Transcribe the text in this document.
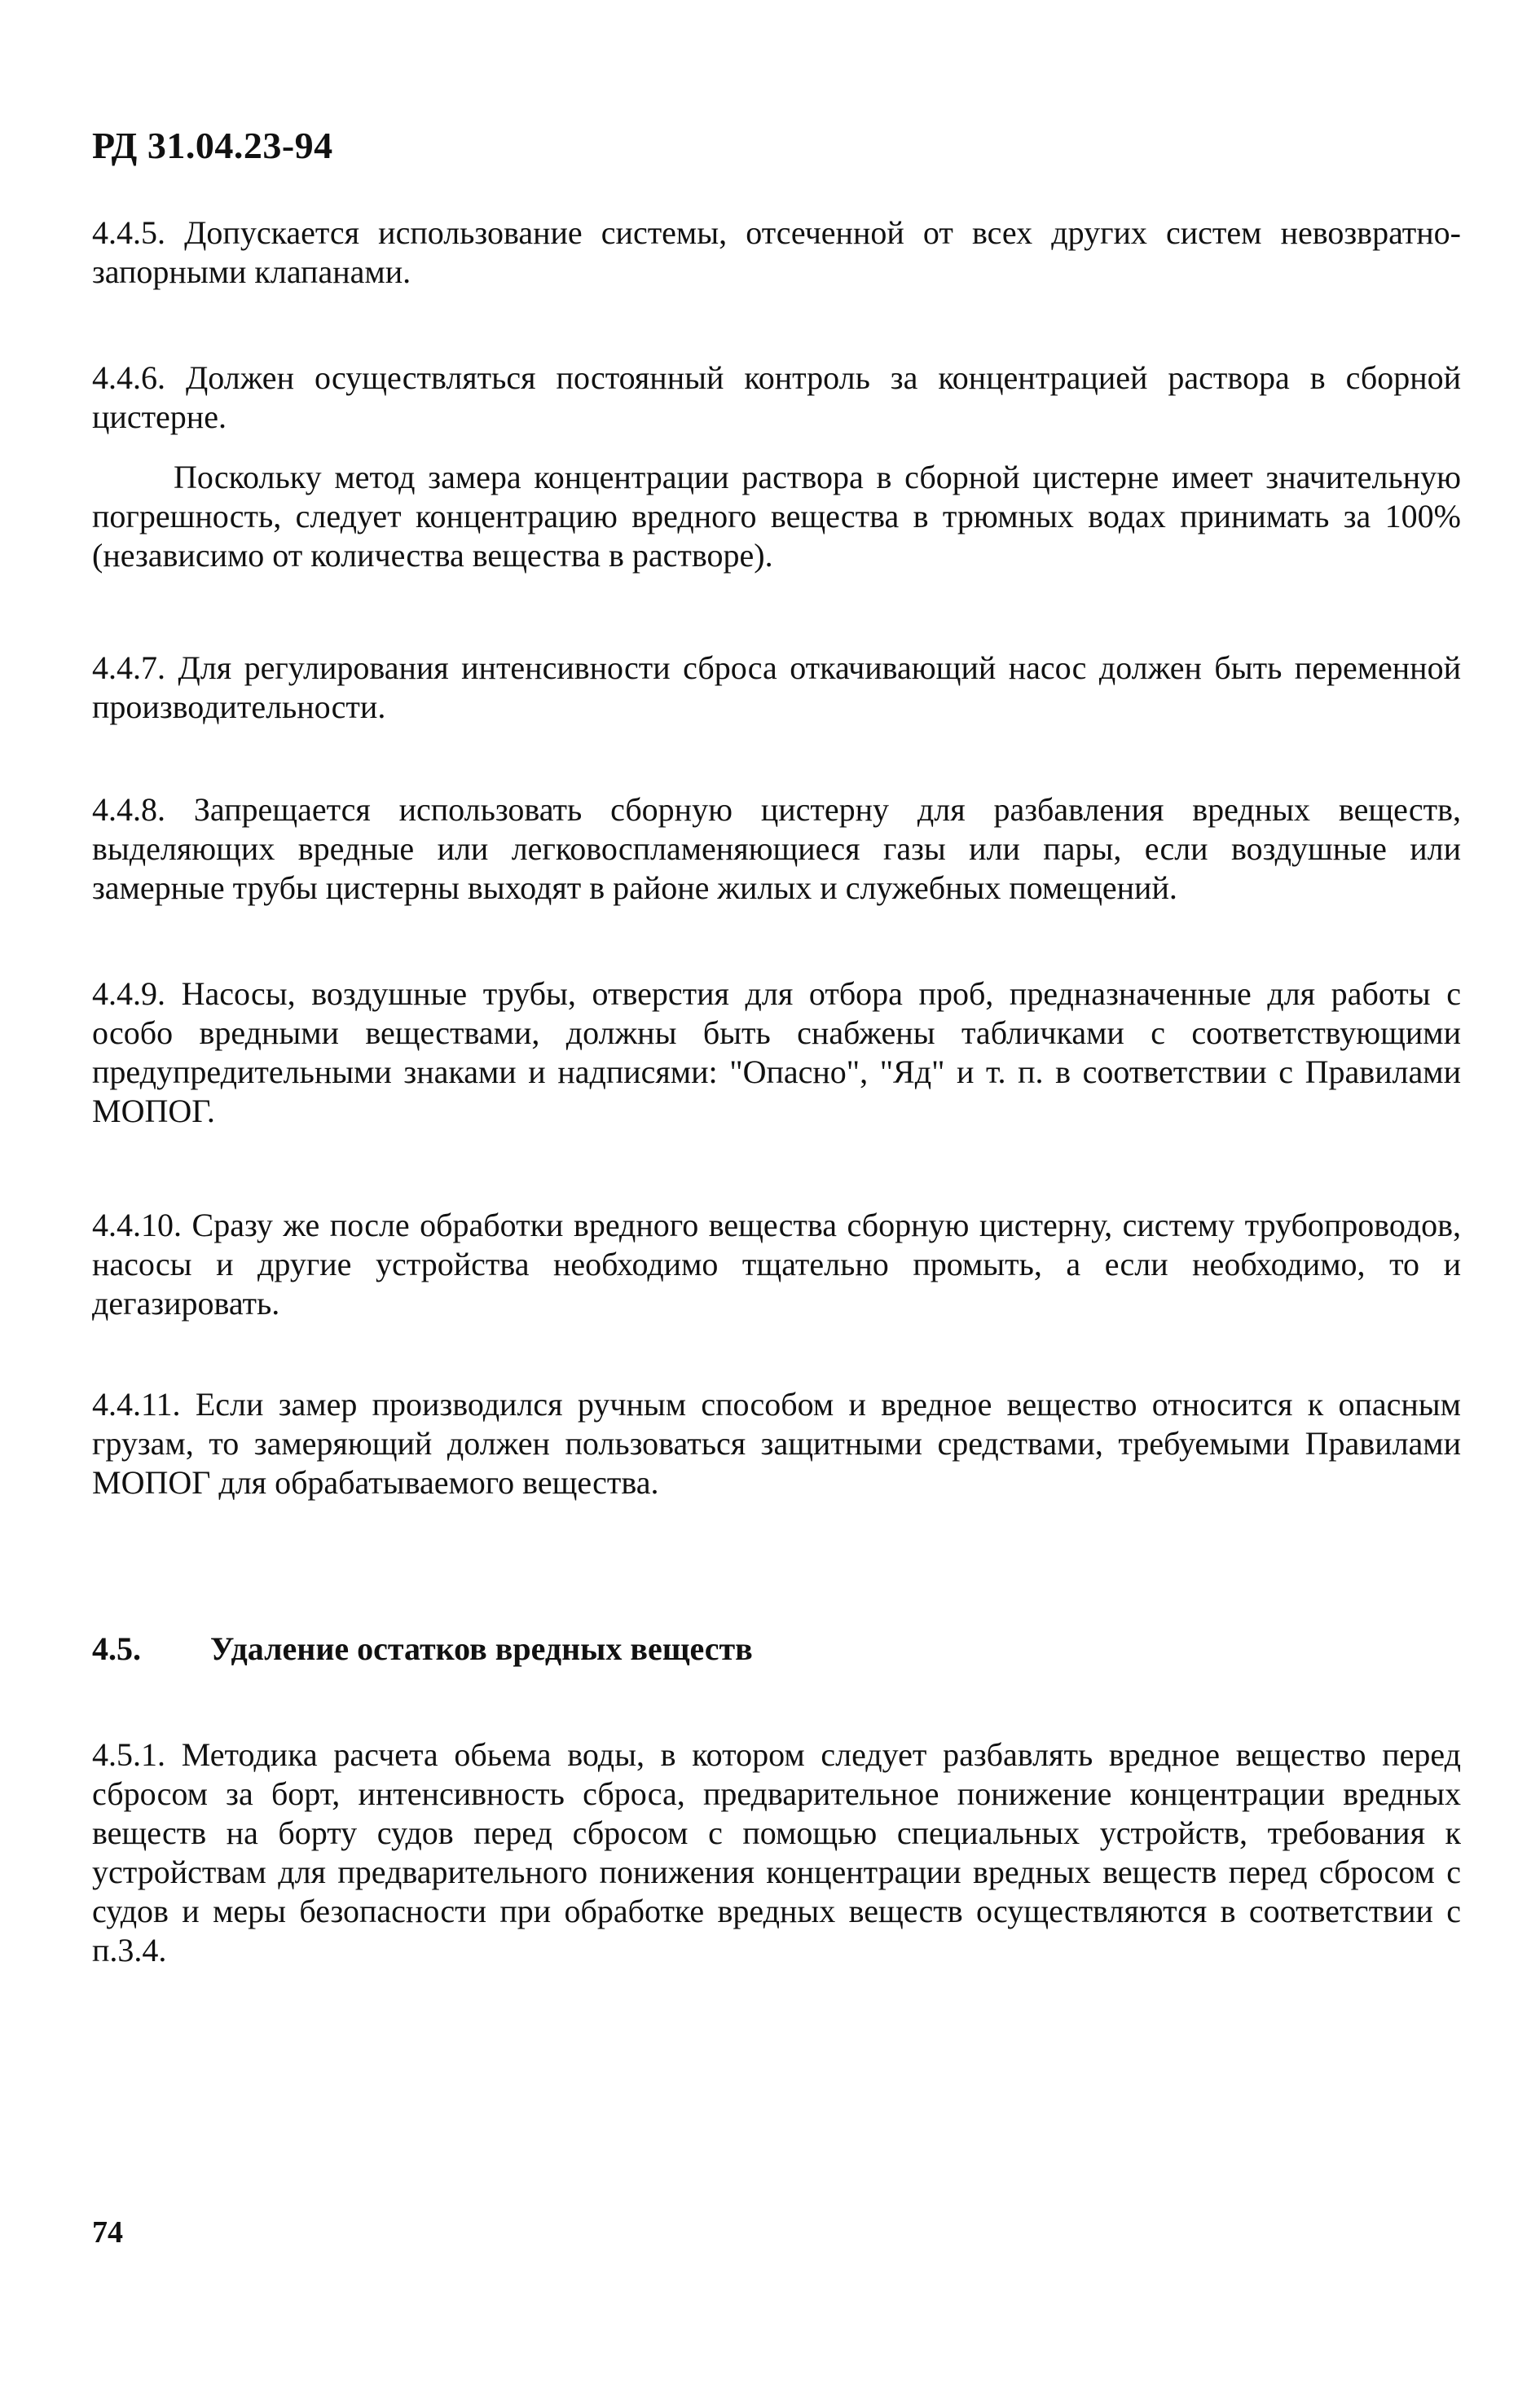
РД 31.04.23-94

4.4.5. Допускается использование системы, отсеченной от всех других систем невозвратно-запорными клапанами.

4.4.6. Должен осуществляться постоянный контроль за концентрацией раствора в сборной цистерне.

Поскольку метод замера концентрации раствора в сборной цистерне имеет значительную погрешность, следует концентрацию вредного вещества в трюмных водах принимать за 100% (независимо от количества вещества в растворе).

4.4.7. Для регулирования интенсивности сброса откачивающий насос должен быть переменной производительности.

4.4.8. Запрещается использовать сборную цистерну для разбавления вредных веществ, выделяющих вредные или легковоспламеняющиеся газы или пары, если воздушные или замерные трубы цистерны выходят в районе жилых и служебных помещений.

4.4.9. Насосы, воздушные трубы, отверстия для отбора проб, предназначенные для работы с особо вредными веществами, должны быть снабжены табличками с соответствующими предупредительными знаками и надписями: "Опасно", "Яд" и т. п. в соответствии с Правилами МОПОГ.

4.4.10. Сразу же после обработки вредного вещества сборную цистерну, систему трубопроводов, насосы и другие устройства необходимо тщательно промыть, а если необходимо, то и дегазировать.

4.4.11. Если замер производился ручным способом и вредное вещество относится к опасным грузам, то замеряющий должен пользоваться защитными средствами, требуемыми Правилами МОПОГ для обрабатываемого вещества.

4.5. Удаление остатков вредных веществ

4.5.1. Методика расчета обьема воды, в котором следует разбавлять вредное вещество перед сбросом за борт, интенсивность сброса, предварительное понижение концентрации вредных веществ на борту судов перед сбросом с помощью специальных устройств, требования к устройствам для предварительного понижения концентрации вредных веществ перед сбросом с судов и меры безопасности при обработке вредных веществ осуществляются в соответствии с п.3.4.

74
